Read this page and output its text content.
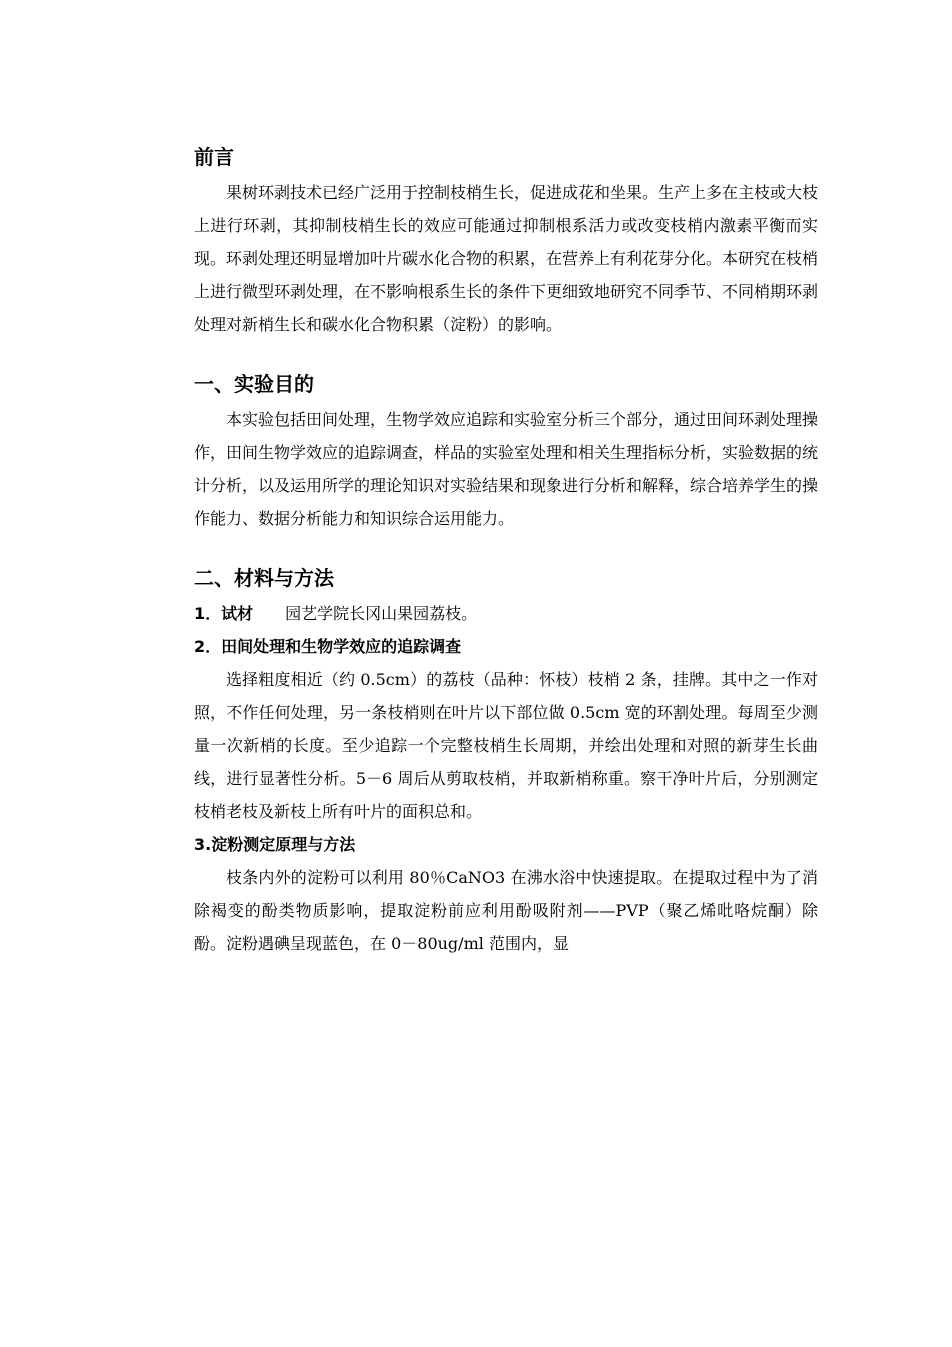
前言

果树环剥技术已经广泛用于控制枝梢生长，促进成花和坐果。生产上多在主枝或大枝上进行环剥，其抑制枝梢生长的效应可能通过抑制根系活力或改变枝梢内激素平衡而实现。环剥处理还明显增加叶片碳水化合物的积累，在营养上有利花芽分化。本研究在枝梢上进行微型环剥处理，在不影响根系生长的条件下更细致地研究不同季节、不同梢期环剥处理对新梢生长和碳水化合物积累（淀粉）的影响。

一、实验目的

本实验包括田间处理，生物学效应追踪和实验室分析三个部分，通过田间环剥处理操作，田间生物学效应的追踪调查，样品的实验室处理和相关生理指标分析，实验数据的统计分析，以及运用所学的理论知识对实验结果和现象进行分析和解释，综合培养学生的操作能力、数据分析能力和知识综合运用能力。

二、材料与方法
1．试材 园艺学院长冈山果园荔枝。
2．田间处理和生物学效应的追踪调查

选择粗度相近（约 0.5cm）的荔枝（品种：怀枝）枝梢 2 条，挂牌。其中之一作对照，不作任何处理，另一条枝梢则在叶片以下部位做 0.5cm 宽的环割处理。每周至少测量一次新梢的长度。至少追踪一个完整枝梢生长周期，并绘出处理和对照的新芽生长曲线，进行显著性分析。5－6 周后从剪取枝梢，并取新梢称重。察干净叶片后，分别测定枝梢老枝及新枝上所有叶片的面积总和。

3.淀粉测定原理与方法

枝条内外的淀粉可以利用 80％CaNO3 在沸水浴中快速提取。在提取过程中为了消除褐变的酚类物质影响，提取淀粉前应利用酚吸附剂——PVP（聚乙烯吡咯烷酮）除酚。淀粉遇碘呈现蓝色，在 0－80ug/ml 范围内，显
